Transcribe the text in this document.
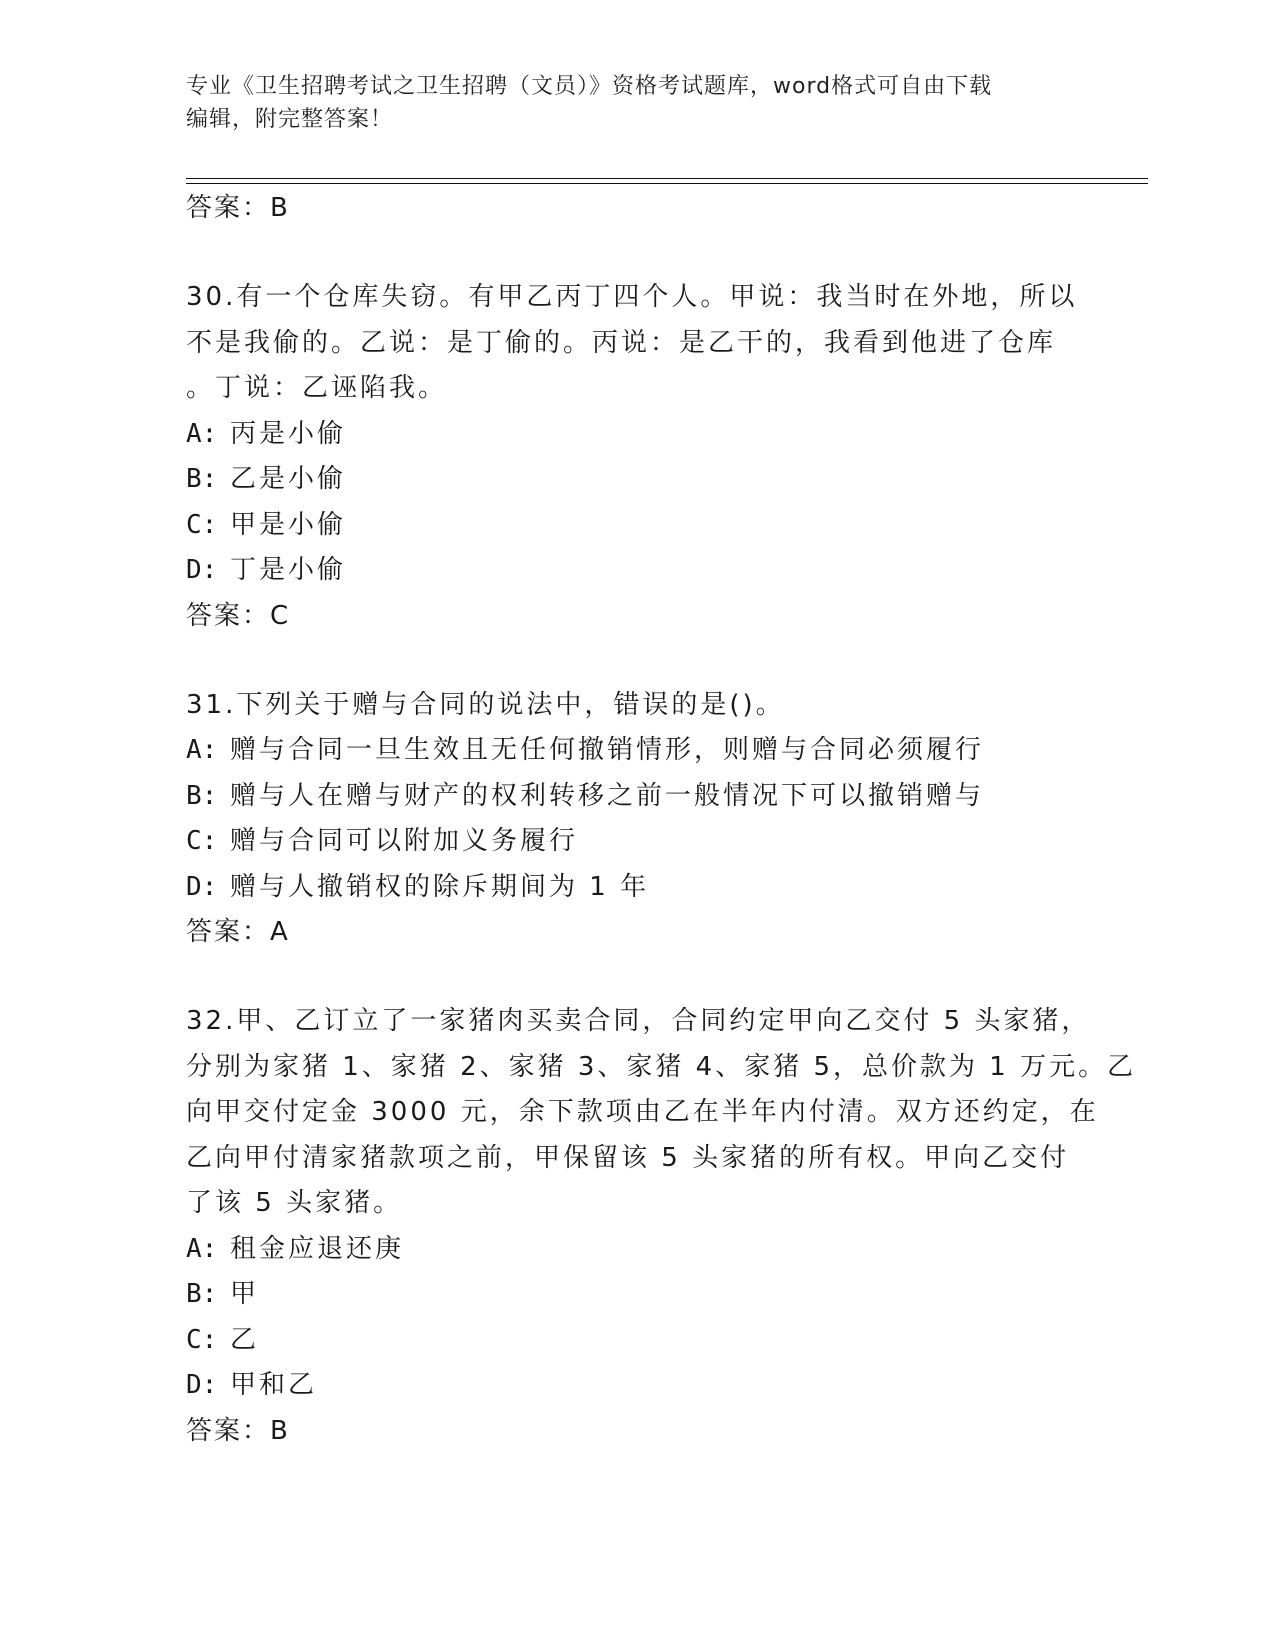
专业《卫生招聘考试之卫生招聘（文员）》资格考试题库，word格式可自由下载

编辑，附完整答案！

答案：B

30.有一个仓库失窃。有甲乙丙丁四个人。甲说：我当时在外地，所以
不是我偷的。乙说：是丁偷的。丙说：是乙干的，我看到他进了仓库
。丁说：乙诬陷我。

A: 丙是小偷

B: 乙是小偷

C: 甲是小偷

D: 丁是小偷

答案：C

31.下列关于赠与合同的说法中，错误的是()。

A: 赠与合同一旦生效且无任何撤销情形，则赠与合同必须履行

B: 赠与人在赠与财产的权利转移之前一般情况下可以撤销赠与

C: 赠与合同可以附加义务履行

D: 赠与人撤销权的除斥期间为 1 年

答案：A

32.甲、乙订立了一家猪肉买卖合同，合同约定甲向乙交付 5 头家猪，
分别为家猪 1、家猪 2、家猪 3、家猪 4、家猪 5，总价款为 1 万元。乙
向甲交付定金 3000 元，余下款项由乙在半年内付清。双方还约定，在
乙向甲付清家猪款项之前，甲保留该 5 头家猪的所有权。甲向乙交付
了该 5 头家猪。

A: 租金应退还庚

B: 甲

C: 乙

D: 甲和乙

答案：B
